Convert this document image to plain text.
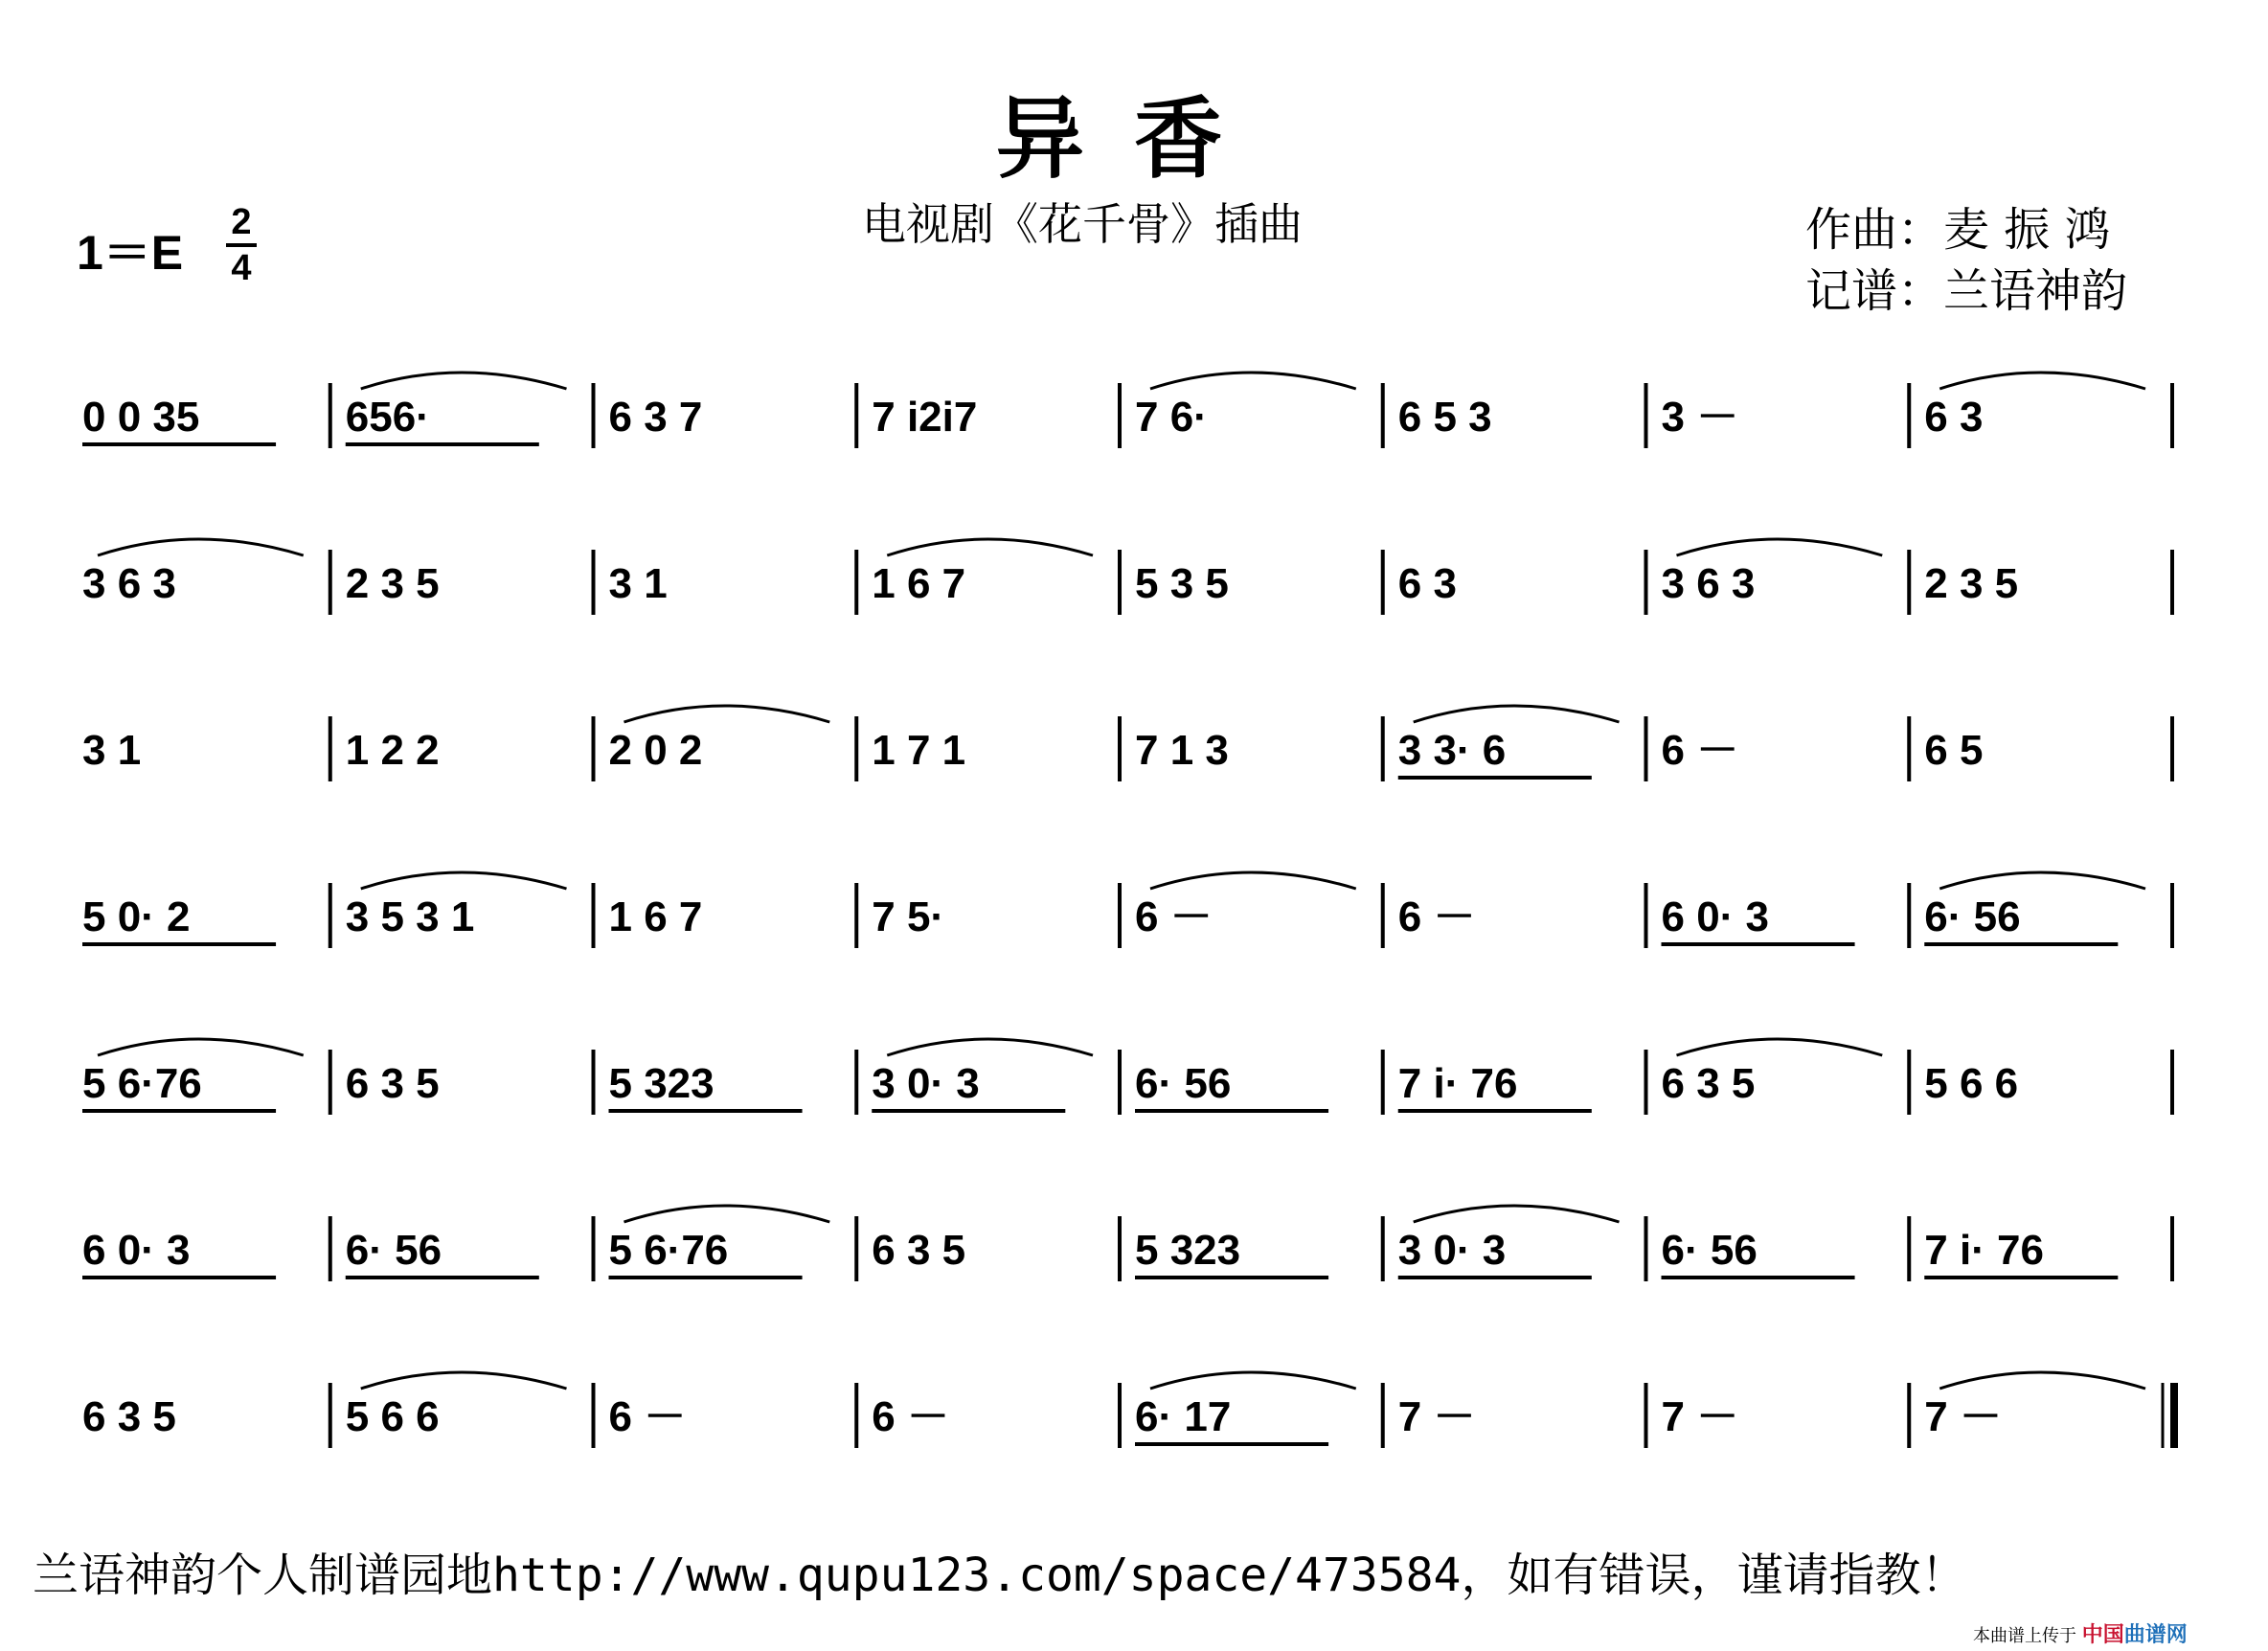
异香
电视剧《花千骨》插曲
1＝E
2
4
作曲：麦 振 鸿
记谱：兰语神韵
0 0 35	656·	6 3 7	7 i2i7	7 6·	6 5 3	3 －	6 3
3 6 3	2 3 5	3 1	1 6 7	5 3 5	6 3	3 6 3	2 3 5
3 1	1 2 2	2 0 2	1 7 1	7 1 3	3 3· 6	6 －	6 5
5 0· 2	3 5 3 1	1 6 7	7 5·	6 －	6 －	6 0· 3	6· 56
5 6·76	6 3 5	5 323	3 0· 3	6· 56	7 i· 76	6 3 5	5 6 6
6 0· 3	6· 56	5 6·76	6 3 5	5 323	3 0· 3	6· 56	7 i· 76
6 3 5	5 6 6	6 －	6 －	6· 17	7 －	7 －	7 －
兰语神韵个人制谱园地http://www.qupu123.com/space/473584，如有错误，谨请指教！
本曲谱上传于 中国曲谱网
